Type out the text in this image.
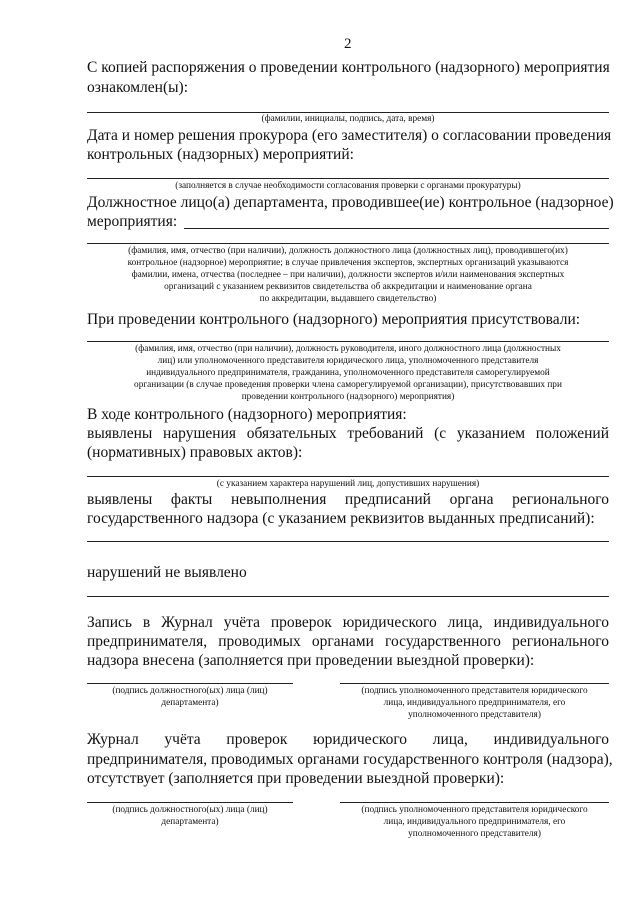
2
С копией распоряжения о проведении контрольного (надзорного) мероприятия
ознакомлен(ы):
(фамилии, инициалы, подпись, дата, время)
Дата и номер решения прокурора (его заместителя) о согласовании проведения
контрольных (надзорных) мероприятий:
(заполняется в случае необходимости согласования проверки с органами прокуратуры)
Должностное лицо(а) департамента, проводившее(ие) контрольное (надзорное)
мероприятия:
(фамилия, имя, отчество (при наличии), должность должностного лица (должностных лиц), проводившего(их)
контрольное (надзорное) мероприятие; в случае привлечения экспертов, экспертных организаций указываются
фамилии, имена, отчества (последнее – при наличии), должности экспертов и/или наименования экспертных
организаций с указанием реквизитов свидетельства об аккредитации и наименование органа
по аккредитации, выдавшего свидетельство)
При проведении контрольного (надзорного) мероприятия присутствовали:
(фамилия, имя, отчество (при наличии), должность руководителя, иного должностного лица (должностных
лиц) или уполномоченного представителя юридического лица, уполномоченного представителя
индивидуального предпринимателя, гражданина, уполномоченного представителя саморегулируемой
организации (в случае проведения проверки члена саморегулируемой организации), присутствовавших при
проведении контрольного (надзорного) мероприятия)
В ходе контрольного (надзорного) мероприятия:
выявлены нарушения обязательных требований (с указанием положений
(нормативных) правовых актов):
(с указанием характера нарушений лиц, допустивших нарушения)
выявлены факты невыполнения предписаний органа регионального
государственного надзора (с указанием реквизитов выданных предписаний):
нарушений не выявлено
Запись в Журнал учёта проверок юридического лица, индивидуального
предпринимателя, проводимых органами государственного регионального
надзора внесена (заполняется при проведении выездной проверки):
(подпись должностного(ых) лица (лиц)
департамента)
(подпись уполномоченного представителя юридического
лица, индивидуального предпринимателя, его
уполномоченного представителя)
Журнал учёта проверок юридического лица, индивидуального
предпринимателя, проводимых органами государственного контроля (надзора),
отсутствует (заполняется при проведении выездной проверки):
(подпись должностного(ых) лица (лиц)
департамента)
(подпись уполномоченного представителя юридического
лица, индивидуального предпринимателя, его
уполномоченного представителя)
